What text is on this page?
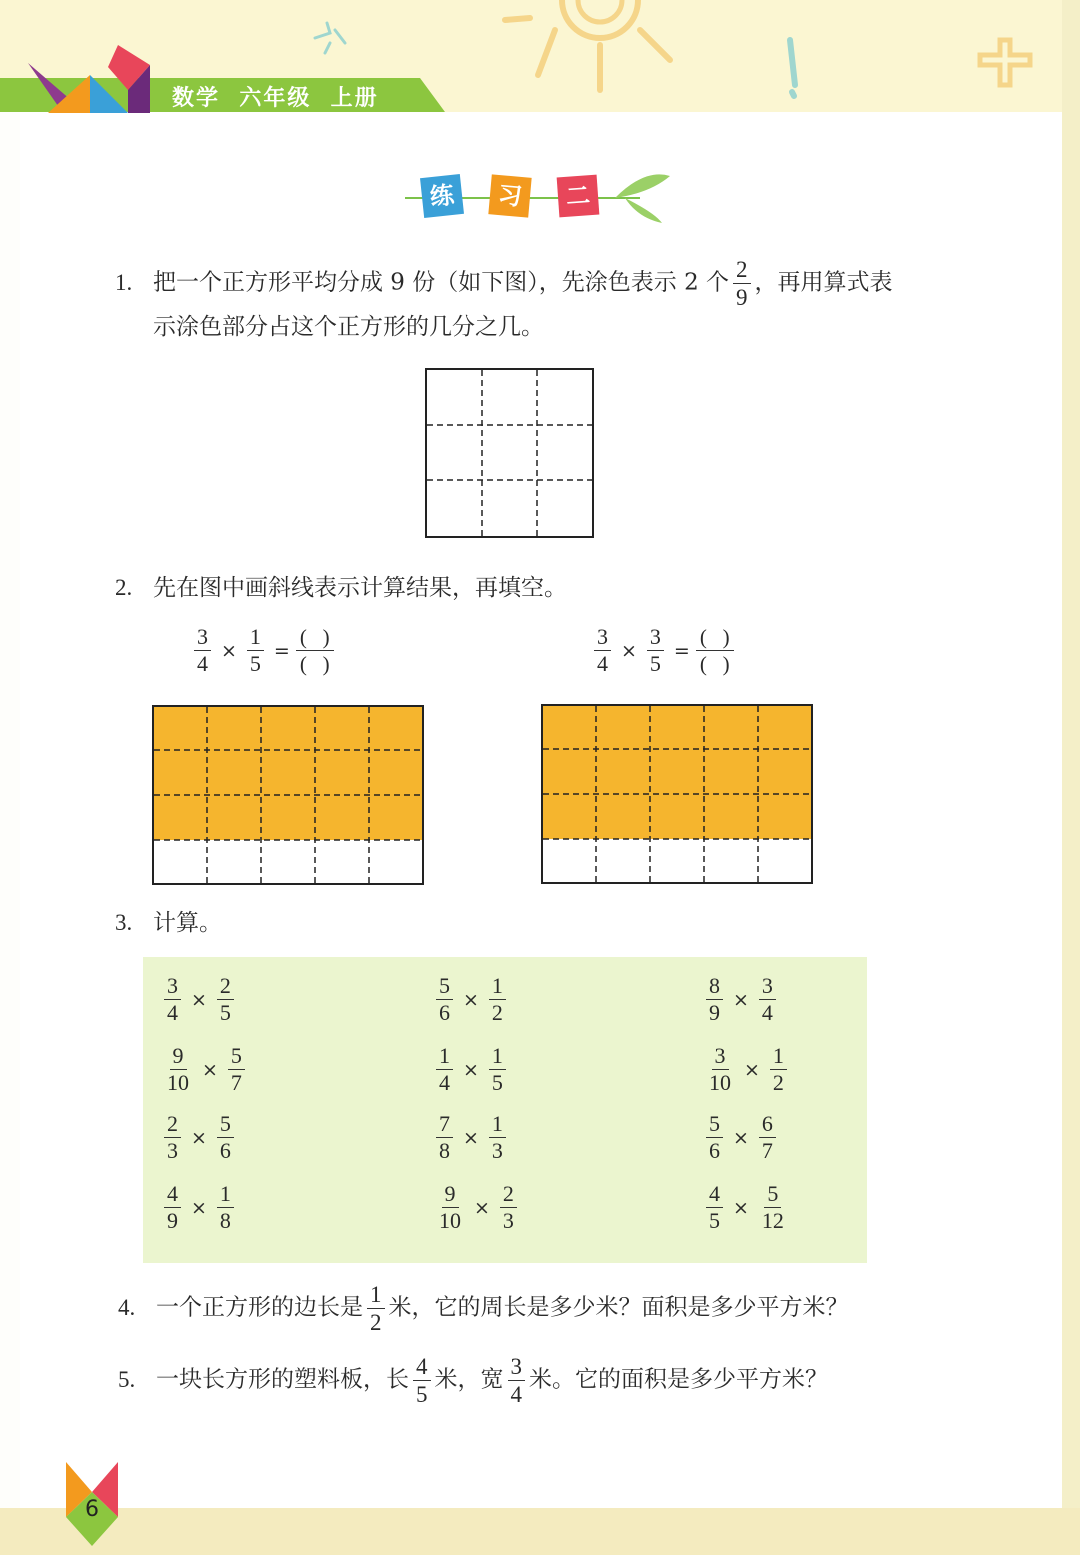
数学  六年级  上册
练	习	二
1. 把一个正方形平均分成 9 份（如下图），先涂色表示 2 个 $\frac{2}{9}$ ，再用算式表
示涂色部分占这个正方形的几分之几。
2. 先在图中画斜线表示计算结果，再填空。
$\frac{3}{4} \times \frac{1}{5}$ =
(   )
(   )	$\frac{3}{4} \times \frac{3}{5}$ =
(   )
(   )
3. 计算。
$\frac{3}{4} \times \frac{2}{5}$	$\frac{5}{6} \times \frac{1}{2}$	$\frac{8}{9} \times \frac{3}{4}$
$\frac{9}{10} \times \frac{5}{7}$	$\frac{1}{4} \times \frac{1}{5}$	$\frac{3}{10} \times \frac{1}{2}$
$\frac{2}{3} \times \frac{5}{6}$	$\frac{7}{8} \times \frac{1}{3}$	$\frac{5}{6} \times \frac{6}{7}$
$\frac{4}{9} \times \frac{1}{8}$	$\frac{9}{10} \times \frac{2}{3}$	$\frac{4}{5} \times \frac{5}{12}$
4. 一个正方形的边长是 $\frac{1}{2}$ 米，它的周长是多少米？面积是多少平方米？
5. 一块长方形的塑料板，长 $\frac{4}{5}$ 米，宽 $\frac{3}{4}$ 米。它的面积是多少平方米？
6
